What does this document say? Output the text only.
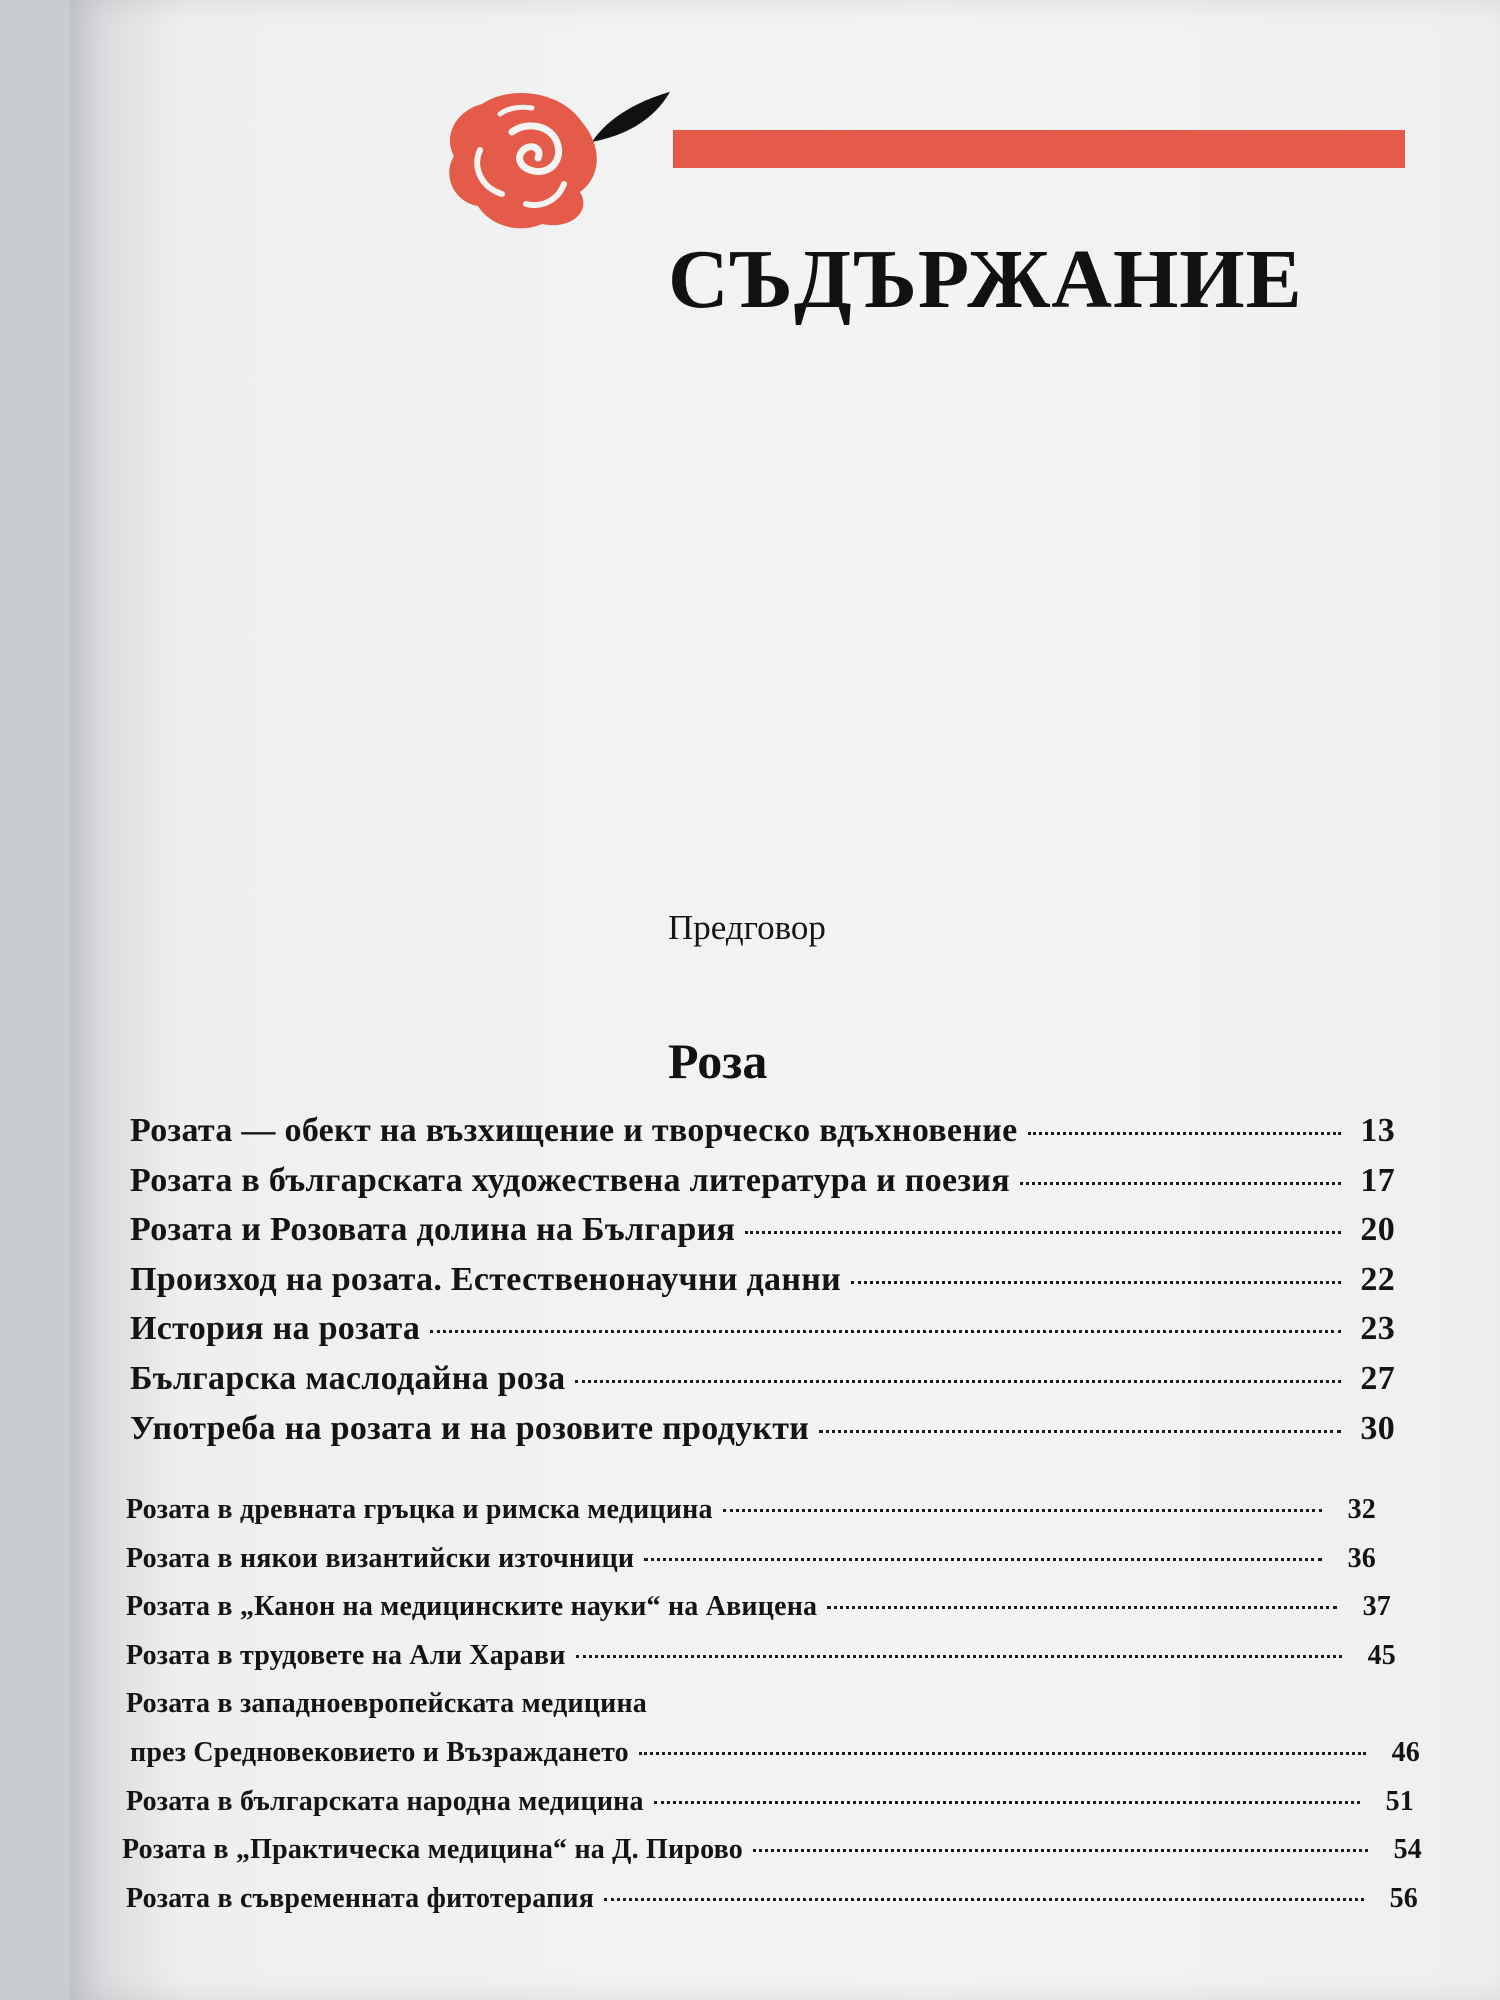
СЪДЪРЖАНИЕ
Предговор
Роза
Розата — обект на възхищение и творческо вдъхновение	13
Розата в българската художествена литература и поезия	17
Розата и Розовата долина на България	20
Произход на розата. Естественонаучни данни	22
История на розата	23
Българска маслодайна роза	27
Употреба на розата и на розовите продукти	30
Розата в древната гръцка и римска медицина	32
Розата в някои византийски източници	36
Розата в „Канон на медицинските науки“ на Авицена	37
Розата в трудовете на Али Харави	45
Розата в западноевропейската медицина
през Средновековието и Възраждането	46
Розата в българската народна медицина	51
Розата в „Практическа медицина“ на Д. Пирово	54
Розата в съвременната фитотерапия	56
